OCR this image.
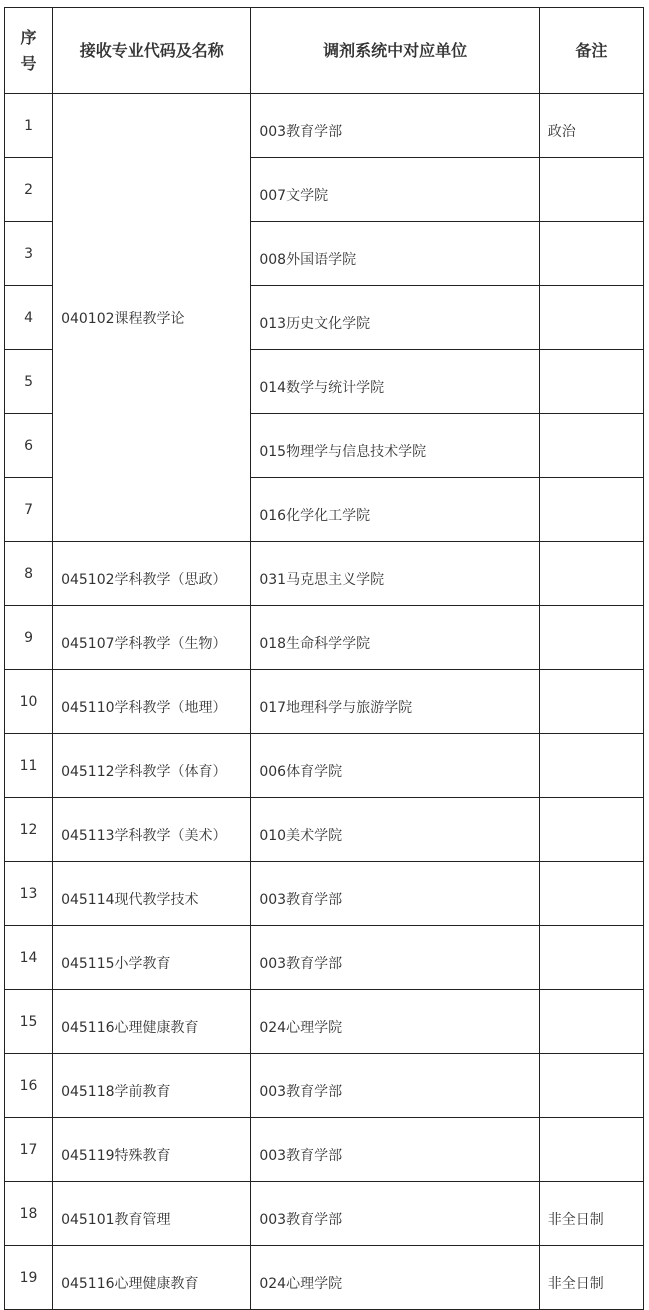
序
号	接收专业代码及名称	调剂系统中对应单位	备注
1	040102课程教学论	003教育学部	政治
2		007文学院	
3		008外国语学院	
4		013历史文化学院	
5		014数学与统计学院	
6		015物理学与信息技术学院	
7		016化学化工学院	
8	045102学科教学（思政）	031马克思主义学院	
9	045107学科教学（生物）	018生命科学学院	
10	045110学科教学（地理）	017地理科学与旅游学院	
11	045112学科教学（体育）	006体育学院	
12	045113学科教学（美术）	010美术学院	
13	045114现代教学技术	003教育学部	
14	045115小学教育	003教育学部	
15	045116心理健康教育	024心理学院	
16	045118学前教育	003教育学部	
17	045119特殊教育	003教育学部	
18	045101教育管理	003教育学部	非全日制
19	045116心理健康教育	024心理学院	非全日制
